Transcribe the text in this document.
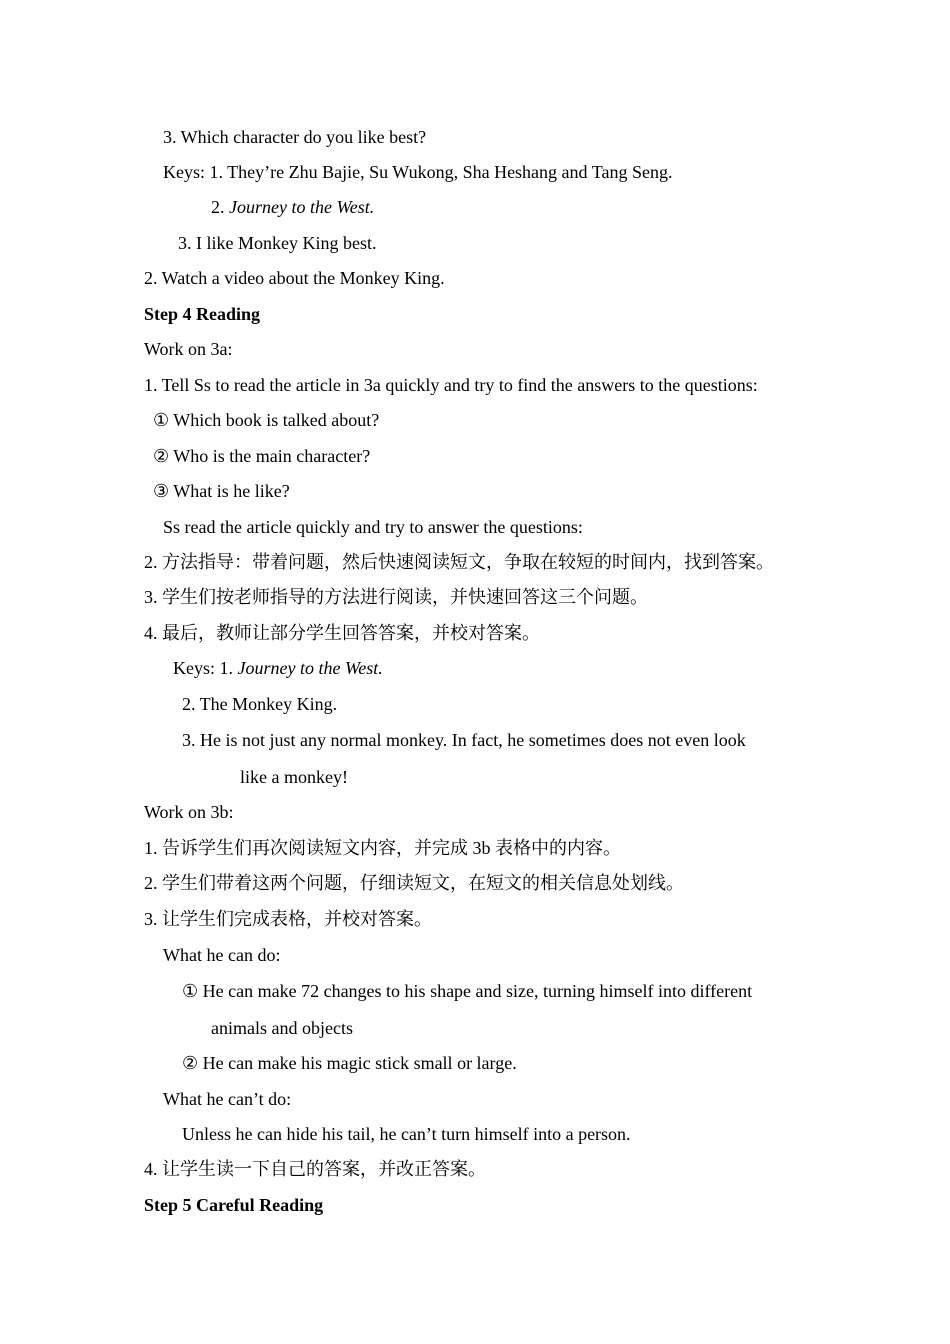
3. Which character do you like best?
Keys: 1. They’re Zhu Bajie, Su Wukong, Sha Heshang and Tang Seng.
2. Journey to the West.
3. I like Monkey King best.
2. Watch a video about the Monkey King.
Step 4 Reading
Work on 3a:
1. Tell Ss to read the article in 3a quickly and try to find the answers to the questions:
① Which book is talked about?
② Who is the main character?
③ What is he like?
Ss read the article quickly and try to answer the questions:
2. 方法指导：带着问题，然后快速阅读短文，争取在较短的时间内，找到答案。
3. 学生们按老师指导的方法进行阅读，并快速回答这三个问题。
4. 最后，教师让部分学生回答答案，并校对答案。
Keys: 1. Journey to the West.
2. The Monkey King.
3. He is not just any normal monkey. In fact, he sometimes does not even look
like a monkey!
Work on 3b:
1. 告诉学生们再次阅读短文内容，并完成 3b 表格中的内容。
2. 学生们带着这两个问题，仔细读短文，在短文的相关信息处划线。
3. 让学生们完成表格，并校对答案。
What he can do:
① He can make 72 changes to his shape and size, turning himself into different
animals and objects
② He can make his magic stick small or large.
What he can’t do:
Unless he can hide his tail, he can’t turn himself into a person.
4. 让学生读一下自己的答案，并改正答案。
Step 5 Careful Reading
